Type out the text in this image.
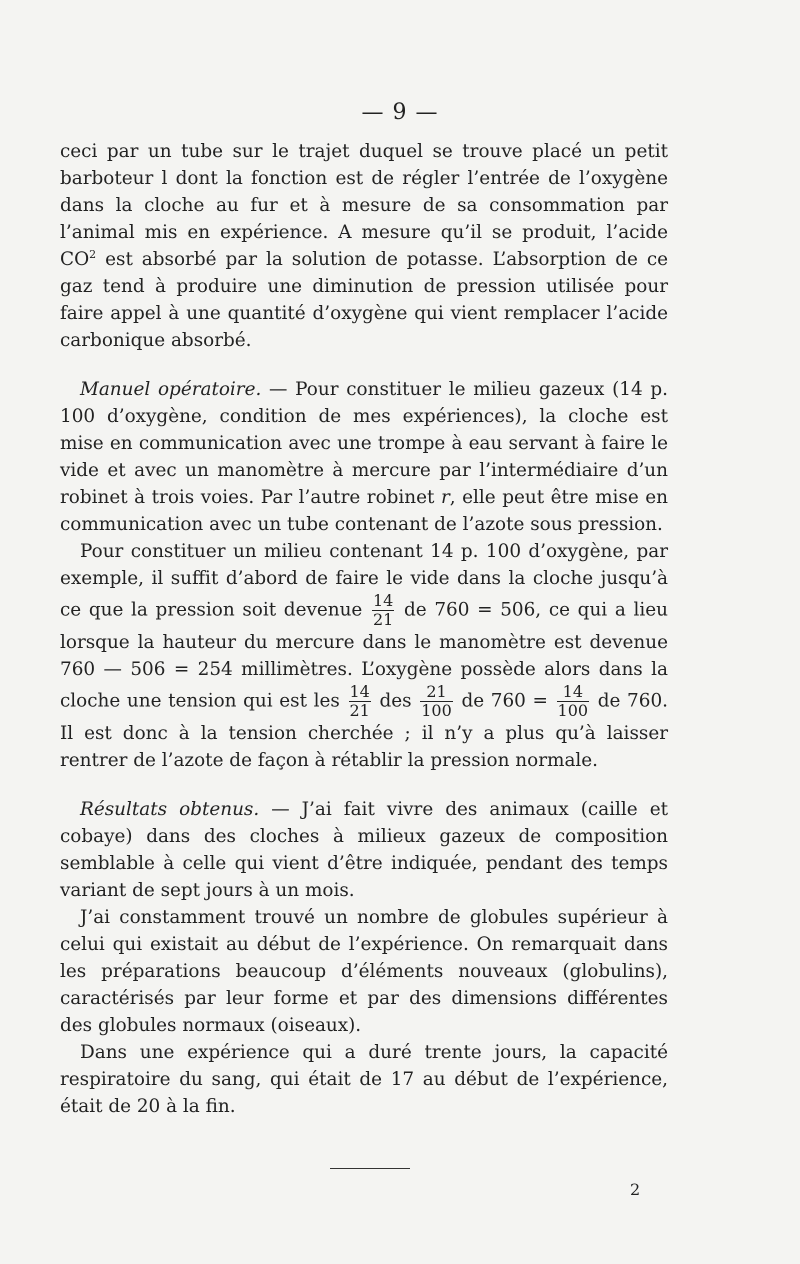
— 9 —

ceci par un tube sur le trajet duquel se trouve placé un petit barboteur l dont la fonction est de régler l’entrée de l’oxygène dans la cloche au fur et à mesure de sa consommation par l’animal mis en expérience. A mesure qu’il se produit, l’acide $CO^2$ est absorbé par la solution de potasse. L’absorption de ce gaz tend à produire une diminution de pression utilisée pour faire appel à une quantité d’oxygène qui vient remplacer l’acide carbonique absorbé.

Manuel opératoire. — Pour constituer le milieu gazeux (14 p. 100 d’oxygène, condition de mes expériences), la cloche est mise en communication avec une trompe à eau servant à faire le vide et avec un manomètre à mercure par l’intermédiaire d’un robinet à trois voies. Par l’autre robinet r, elle peut être mise en communication avec un tube contenant de l’azote sous pression.

Pour constituer un milieu contenant 14 p. 100 d’oxygène, par exemple, il suffit d’abord de faire le vide dans la cloche jusqu’à ce que la pression soit devenue $\frac{14}{21}$ de 760 = 506, ce qui a lieu lorsque la hauteur du mercure dans le manomètre est devenue 760 — 506 = 254 millimètres. L’oxygène possède alors dans la cloche une tension qui est les $\frac{14}{21}$ des $\frac{21}{100}$ de $760 = \frac{14}{100}$ de 760. Il est donc à la tension cherchée ; il n’y a plus qu’à laisser rentrer de l’azote de façon à rétablir la pression normale.

Résultats obtenus. — J’ai fait vivre des animaux (caille et cobaye) dans des cloches à milieux gazeux de composition semblable à celle qui vient d’être indiquée, pendant des temps variant de sept jours à un mois.

J’ai constamment trouvé un nombre de globules supérieur à celui qui existait au début de l’expérience. On remarquait dans les préparations beaucoup d’éléments nouveaux (globulins), caractérisés par leur forme et par des dimensions différentes des globules normaux (oiseaux).

Dans une expérience qui a duré trente jours, la capacité respiratoire du sang, qui était de 17 au début de l’expérience, était de 20 à la fin.

2
